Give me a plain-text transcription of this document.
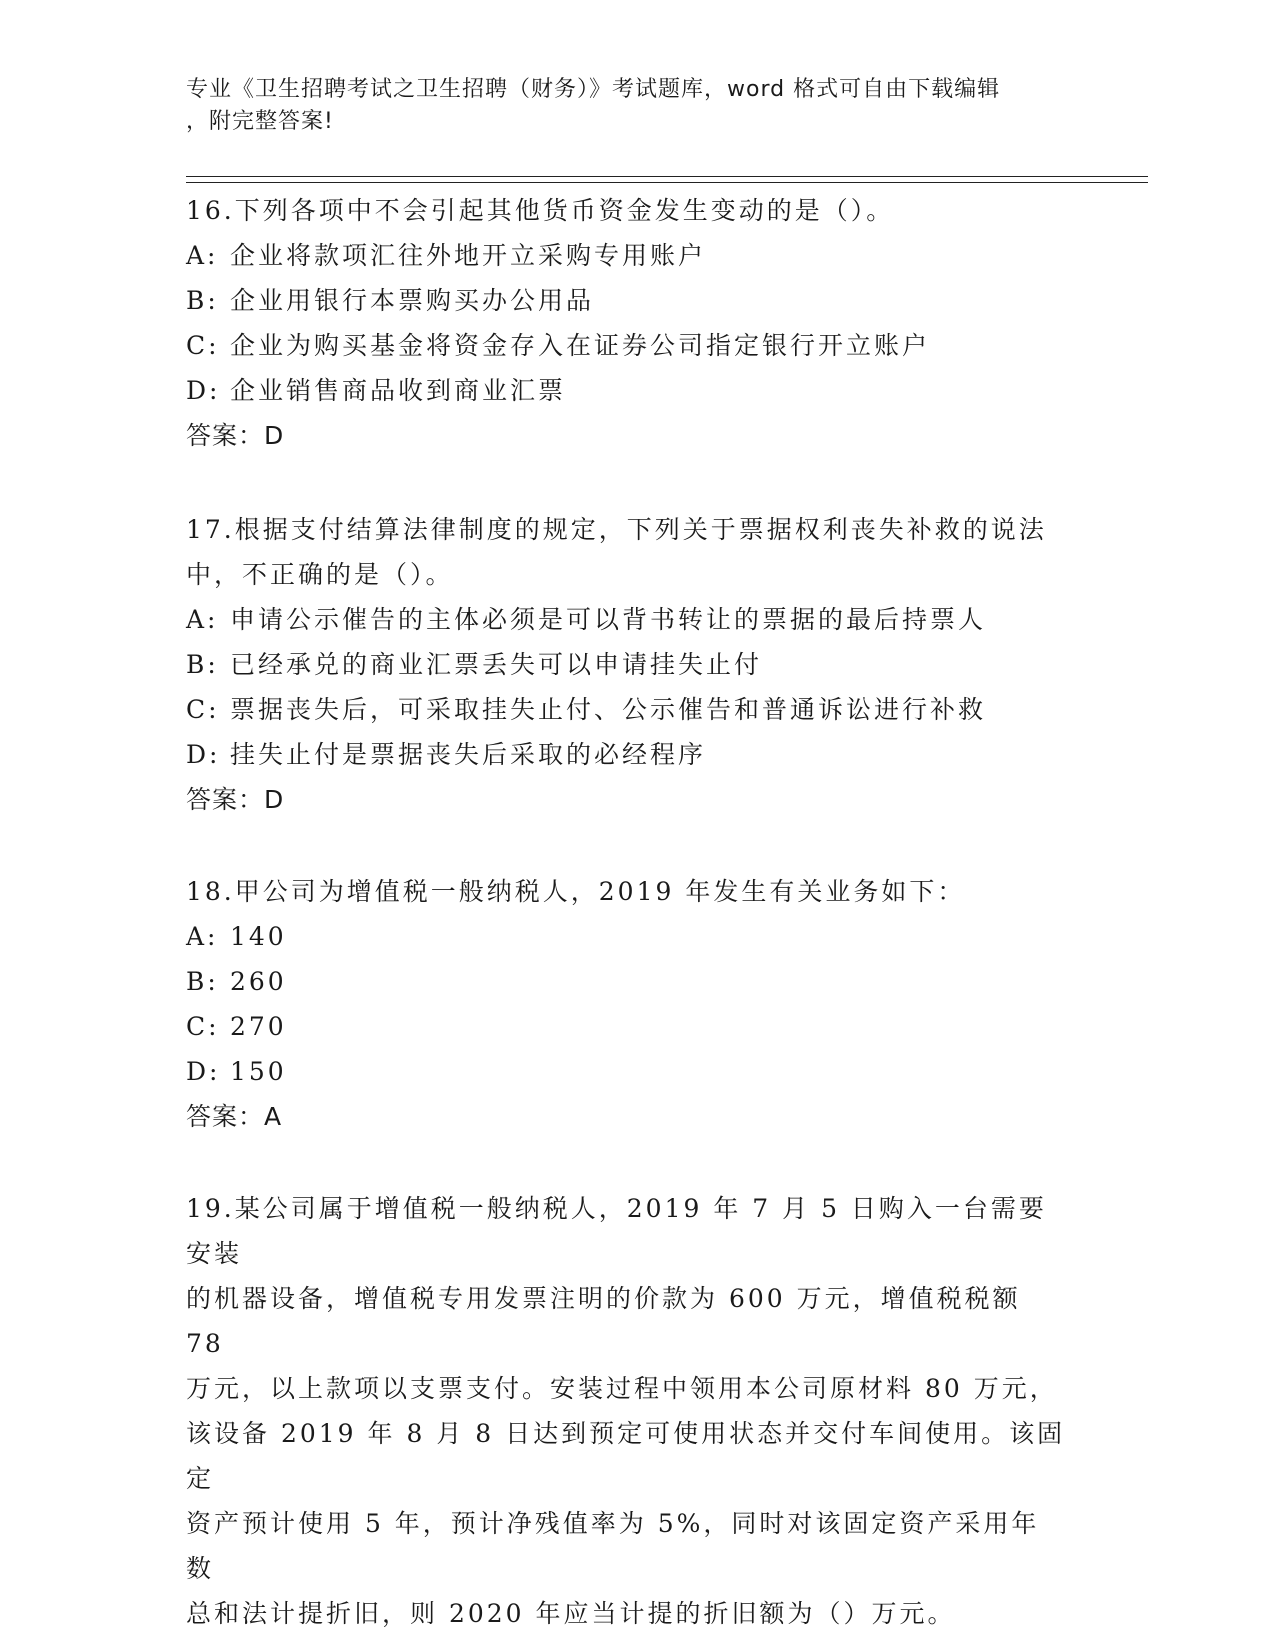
专业《卫生招聘考试之卫生招聘（财务）》考试题库，word 格式可自由下载编辑
，附完整答案!
16.下列各项中不会引起其他货币资金发生变动的是（）。
A: 企业将款项汇往外地开立采购专用账户
B: 企业用银行本票购买办公用品
C: 企业为购买基金将资金存入在证券公司指定银行开立账户
D: 企业销售商品收到商业汇票
答案：D
17.根据支付结算法律制度的规定，下列关于票据权利丧失补救的说法
中，不正确的是（）。
A: 申请公示催告的主体必须是可以背书转让的票据的最后持票人
B: 已经承兑的商业汇票丢失可以申请挂失止付
C: 票据丧失后，可采取挂失止付、公示催告和普通诉讼进行补救
D: 挂失止付是票据丧失后采取的必经程序
答案：D
18.甲公司为增值税一般纳税人，2019 年发生有关业务如下：
A: 140
B: 260
C: 270
D: 150
答案：A
19.某公司属于增值税一般纳税人，2019 年 7 月 5 日购入一台需要安装
的机器设备，增值税专用发票注明的价款为 600 万元，增值税税额 78
万元，以上款项以支票支付。安装过程中领用本公司原材料 80 万元，
该设备 2019 年 8 月 8 日达到预定可使用状态并交付车间使用。该固定
资产预计使用 5 年，预计净残值率为 5%，同时对该固定资产采用年数
总和法计提折旧，则 2020 年应当计提的折旧额为（）万元。
